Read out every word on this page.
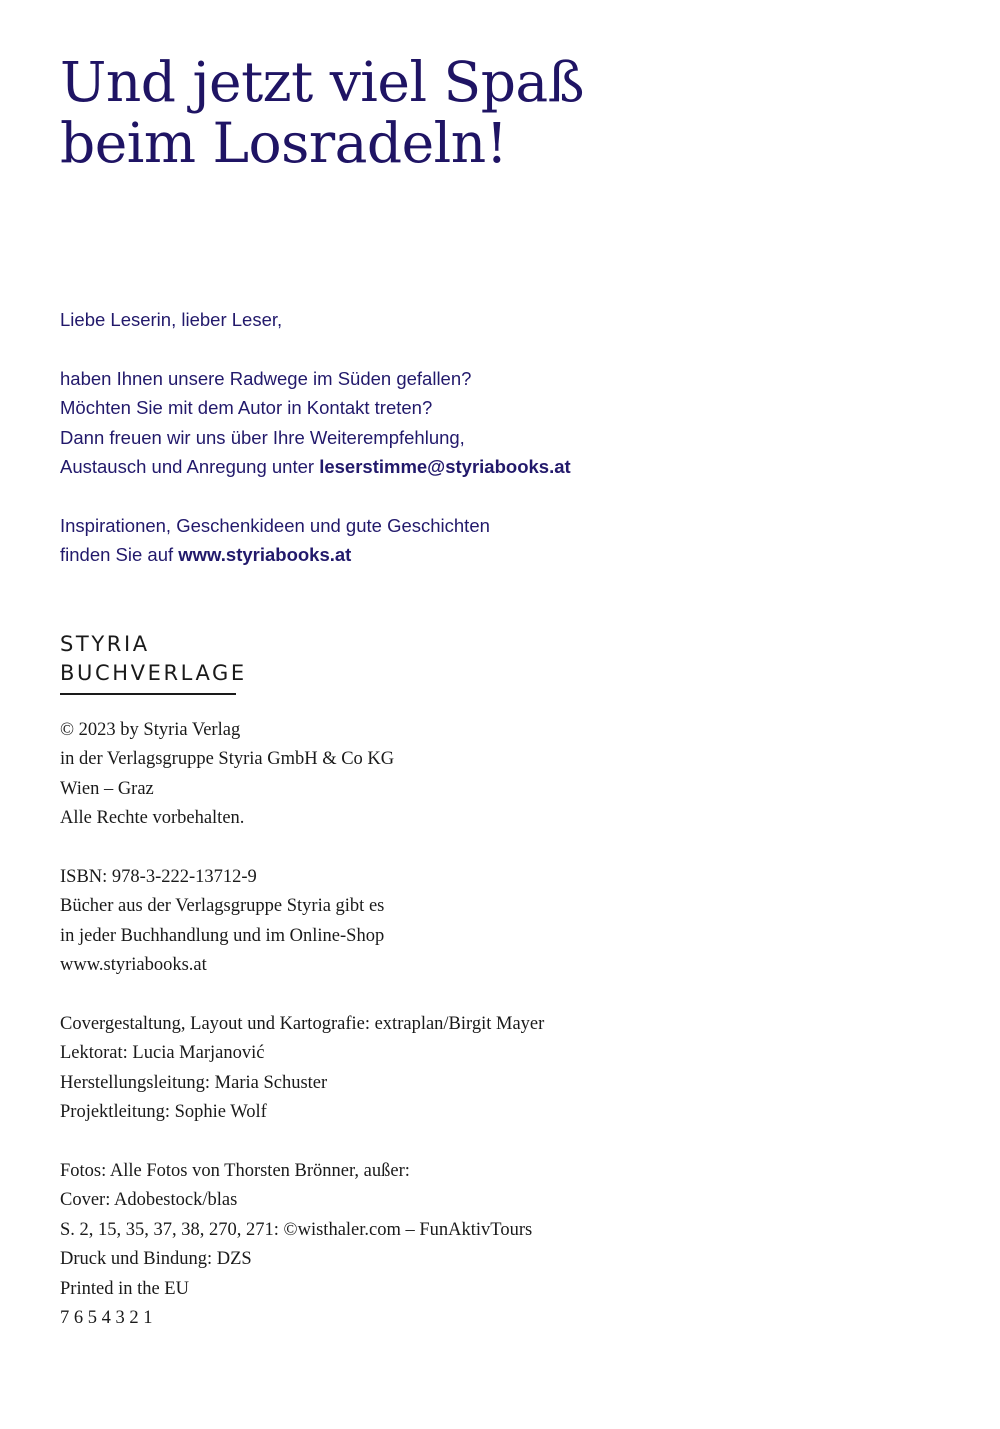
Und jetzt viel Spaß
beim Losradeln!

Liebe Leserin, lieber Leser,

haben Ihnen unsere Radwege im Süden gefallen?

Möchten Sie mit dem Autor in Kontakt treten?

Dann freuen wir uns über Ihre Weiterempfehlung,

Austausch und Anregung unter leserstimme@styriabooks.at

Inspirationen, Geschenkideen und gute Geschichten

finden Sie auf www.styriabooks.at

STYRIA
BUCHVERLAGE

© 2023 by Styria Verlag

in der Verlagsgruppe Styria GmbH & Co KG

Wien – Graz

Alle Rechte vorbehalten.

ISBN: 978-3-222-13712-9

Bücher aus der Verlagsgruppe Styria gibt es

in jeder Buchhandlung und im Online-Shop

www.styriabooks.at

Covergestaltung, Layout und Kartografie: extraplan/Birgit Mayer

Lektorat: Lucia Marjanović

Herstellungsleitung: Maria Schuster

Projektleitung: Sophie Wolf

Fotos: Alle Fotos von Thorsten Brönner, außer:

Cover: Adobestock/blas

S. 2, 15, 35, 37, 38, 270, 271: ©wisthaler.com – FunAktivTours

Druck und Bindung: DZS

Printed in the EU

7 6 5 4 3 2 1
